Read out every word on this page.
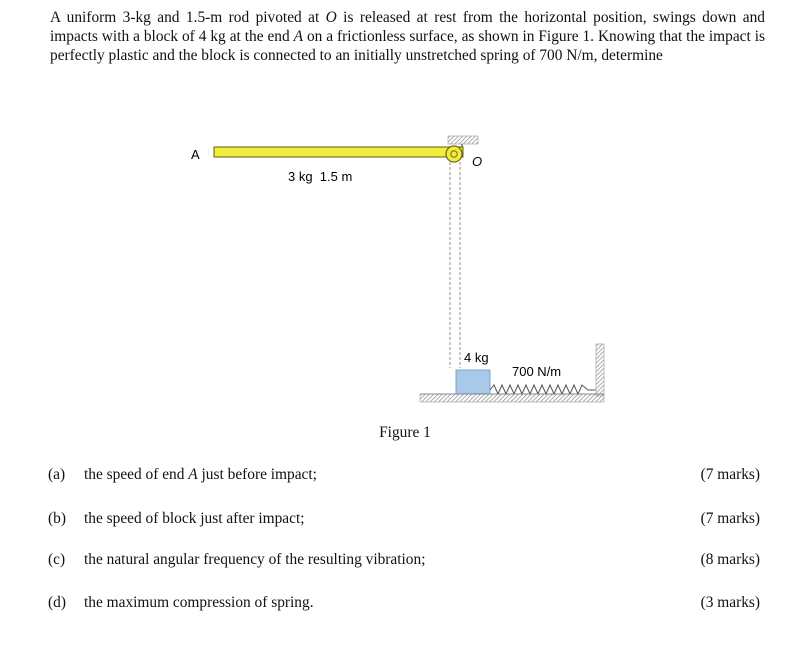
A uniform 3-kg and 1.5-m rod pivoted at O is released at rest from the horizontal position, swings down and impacts with a block of 4 kg at the end A on a frictionless surface, as shown in Figure 1. Knowing that the impact is perfectly plastic and the block is connected to an initially unstretched spring of 700 N/m, determine

A	O
3 kg  1.5 m
4 kg
700 N/m
Figure 1
(a) the speed of end A just before impact;	(7 marks)
(b) the speed of block just after impact;	(7 marks)
(c) the natural angular frequency of the resulting vibration;	(8 marks)
(d) the maximum compression of spring.	(3 marks)
